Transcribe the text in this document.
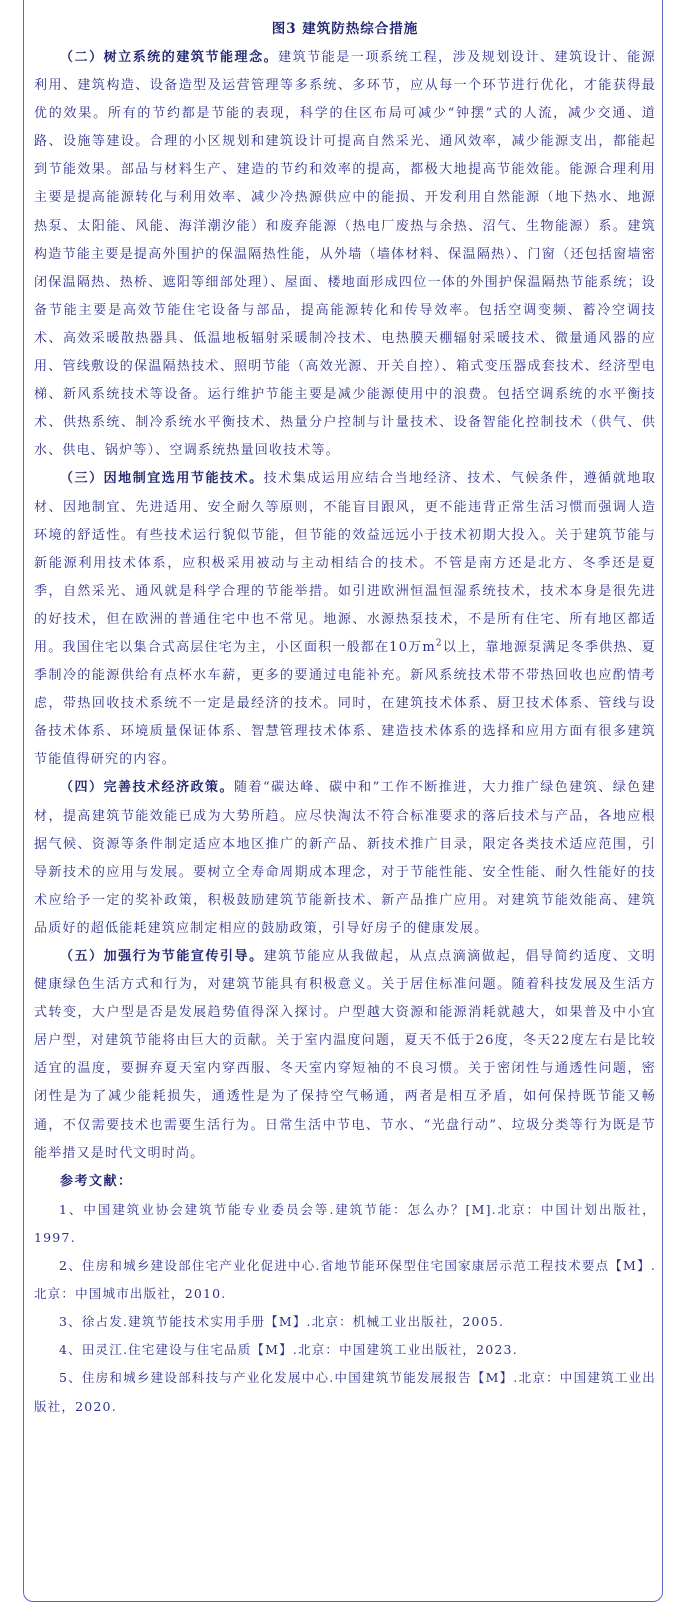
图3 建筑防热综合措施

（二）树立系统的建筑节能理念。建筑节能是一项系统工程，涉及规划设计、建筑设计、能源利用、建筑构造、设备造型及运营管理等多系统、多环节，应从每一个环节进行优化，才能获得最优的效果。所有的节约都是节能的表现，科学的住区布局可减少“钟摆”式的人流，减少交通、道路、设施等建设。合理的小区规划和建筑设计可提高自然采光、通风效率，减少能源支出，都能起到节能效果。部品与材料生产、建造的节约和效率的提高，都极大地提高节能效能。能源合理利用主要是提高能源转化与利用效率、减少冷热源供应中的能损、开发利用自然能源（地下热水、地源热泵、太阳能、风能、海洋潮汐能）和废弃能源（热电厂废热与余热、沼气、生物能源）系。建筑构造节能主要是提高外围护的保温隔热性能，从外墙（墙体材料、保温隔热）、门窗（还包括窗墙密闭保温隔热、热桥、遮阳等细部处理）、屋面、楼地面形成四位一体的外围护保温隔热节能系统；设备节能主要是高效节能住宅设备与部品，提高能源转化和传导效率。包括空调变频、蓄冷空调技术、高效采暖散热器具、低温地板辐射采暖制冷技术、电热膜天棚辐射采暖技术、微量通风器的应用、管线敷设的保温隔热技术、照明节能（高效光源、开关自控）、箱式变压器成套技术、经济型电梯、新风系统技术等设备。运行维护节能主要是减少能源使用中的浪费。包括空调系统的水平衡技术、供热系统、制冷系统水平衡技术、热量分户控制与计量技术、设备智能化控制技术（供气、供水、供电、锅炉等）、空调系统热量回收技术等。

（三）因地制宜选用节能技术。技术集成运用应结合当地经济、技术、气候条件，遵循就地取材、因地制宜、先进适用、安全耐久等原则，不能盲目跟风，更不能违背正常生活习惯而强调人造环境的舒适性。有些技术运行貌似节能，但节能的效益远远小于技术初期大投入。关于建筑节能与新能源利用技术体系，应积极采用被动与主动相结合的技术。不管是南方还是北方、冬季还是夏季，自然采光、通风就是科学合理的节能举措。如引进欧洲恒温恒湿系统技术，技术本身是很先进的好技术，但在欧洲的普通住宅中也不常见。地源、水源热泵技术，不是所有住宅、所有地区都适用。我国住宅以集合式高层住宅为主，小区面积一般都在10万$m^2$以上，靠地源泵满足冬季供热、夏季制冷的能源供给有点杯水车薪，更多的要通过电能补充。新风系统技术带不带热回收也应酌情考虑，带热回收技术系统不一定是最经济的技术。同时，在建筑技术体系、厨卫技术体系、管线与设备技术体系、环境质量保证体系、智慧管理技术体系、建造技术体系的选择和应用方面有很多建筑节能值得研究的内容。

（四）完善技术经济政策。随着“碳达峰、碳中和”工作不断推进，大力推广绿色建筑、绿色建材，提高建筑节能效能已成为大势所趋。应尽快淘汰不符合标准要求的落后技术与产品，各地应根据气候、资源等条件制定适应本地区推广的新产品、新技术推广目录，限定各类技术适应范围，引导新技术的应用与发展。要树立全寿命周期成本理念，对于节能性能、安全性能、耐久性能好的技术应给予一定的奖补政策，积极鼓励建筑节能新技术、新产品推广应用。对建筑节能效能高、建筑品质好的超低能耗建筑应制定相应的鼓励政策，引导好房子的健康发展。

（五）加强行为节能宣传引导。建筑节能应从我做起，从点点滴滴做起，倡导简约适度、文明健康绿色生活方式和行为，对建筑节能具有积极意义。关于居住标准问题。随着科技发展及生活方式转变，大户型是否是发展趋势值得深入探讨。户型越大资源和能源消耗就越大，如果普及中小宜居户型，对建筑节能将由巨大的贡献。关于室内温度问题，夏天不低于26度，冬天22度左右是比较适宜的温度，要摒弃夏天室内穿西服、冬天室内穿短袖的不良习惯。关于密闭性与通透性问题，密闭性是为了减少能耗损失，通透性是为了保持空气畅通，两者是相互矛盾，如何保持既节能又畅通，不仅需要技术也需要生活行为。日常生活中节电、节水、“光盘行动”、垃圾分类等行为既是节能举措又是时代文明时尚。

参考文献：

1、中国建筑业协会建筑节能专业委员会等.建筑节能：怎么办？[M].北京：中国计划出版社，1997.

2、住房和城乡建设部住宅产业化促进中心.省地节能环保型住宅国家康居示范工程技术要点【M】.北京：中国城市出版社，2010.

3、徐占发.建筑节能技术实用手册【M】.北京：机械工业出版社，2005.

4、田灵江.住宅建设与住宅品质【M】.北京：中国建筑工业出版社，2023.

5、住房和城乡建设部科技与产业化发展中心.中国建筑节能发展报告【M】.北京：中国建筑工业出版社，2020.
